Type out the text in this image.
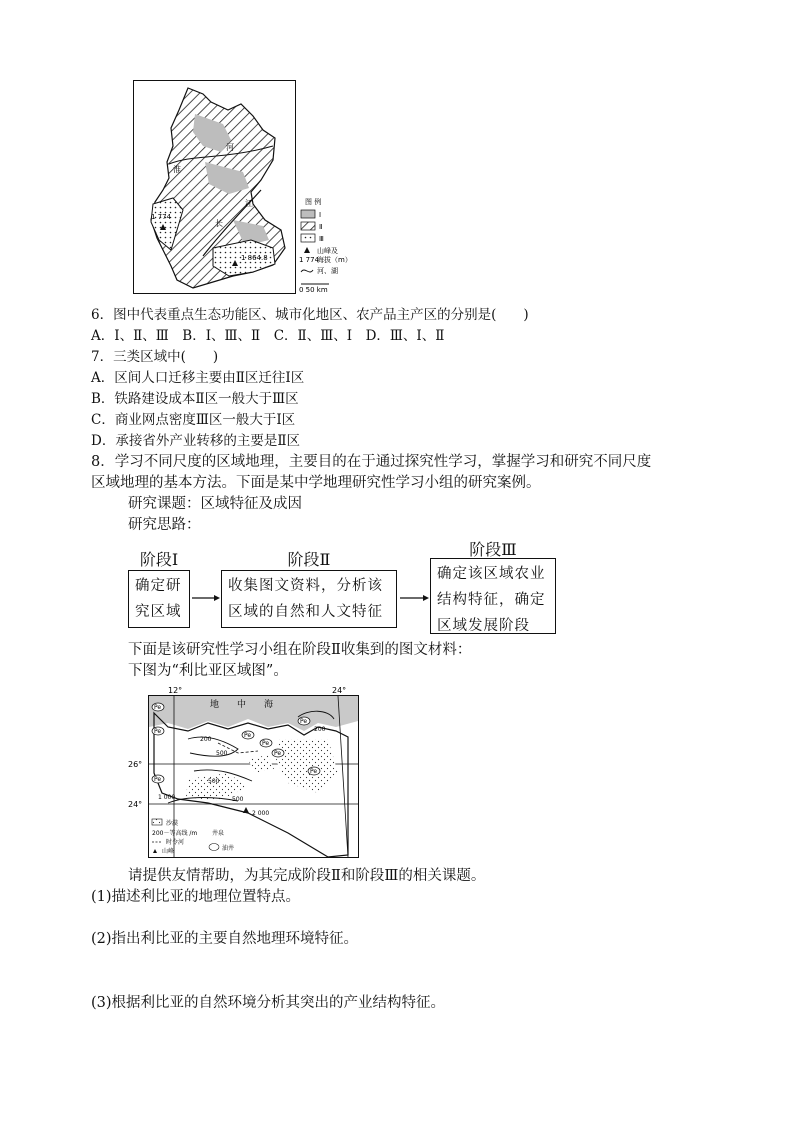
淮
河
江
长
1 774
1 864.8
图 例
Ⅰ
Ⅱ
Ⅲ
山峰及
海拔（m）
1 774
河、湖
0 50 km
6．图中代表重点生态功能区、城市化地区、农产品主产区的分别是(　　)
A．Ⅰ、Ⅱ、Ⅲ　B．Ⅰ、Ⅲ、Ⅱ　C．Ⅱ、Ⅲ、Ⅰ　D．Ⅲ、Ⅰ、Ⅱ
7．三类区域中(　　)
A．区间人口迁移主要由Ⅱ区迁往Ⅰ区
B．铁路建设成本Ⅱ区一般大于Ⅲ区
C．商业网点密度Ⅲ区一般大于Ⅰ区
D．承接省外产业转移的主要是Ⅱ区
8．学习不同尺度的区域地理，主要目的在于通过探究性学习，掌握学习和研究不同尺度
区域地理的基本方法。下面是某中学地理研究性学习小组的研究案例。
研究课题：区域特征及成因
研究思路：
阶段Ⅰ
确定研究区域
阶段Ⅱ
收集图文资料，分析该区域的自然和人文特征
阶段Ⅲ
确定该区域农业结构特征，确定区域发展阶段
下面是该研究性学习小组在阶段Ⅱ收集到的图文材料：
下图为“利比亚区域图”。
Pe
Pe
Pe
Pe
Pe
Pe
Pe
Pe
12°	24°
26°
24°
地　　中　　海
200
200
500
500
500
1 000
2 000
沙漠
200－等高线 /m
时令河
山峰
井泉
油井
请提供友情帮助，为其完成阶段Ⅱ和阶段Ⅲ的相关课题。
(1)描述利比亚的地理位置特点。
(2)指出利比亚的主要自然地理环境特征。
(3)根据利比亚的自然环境分析其突出的产业结构特征。
